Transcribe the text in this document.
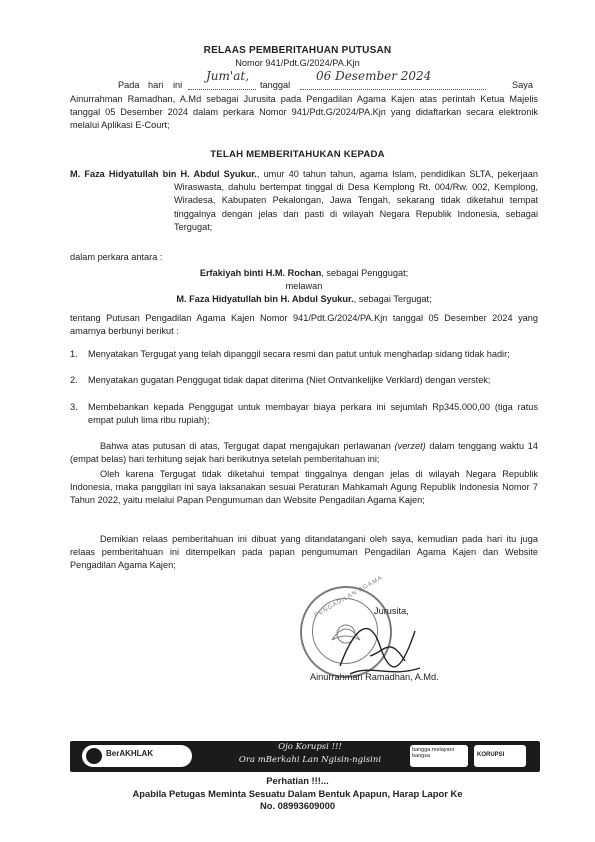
RELAAS PEMBERITAHUAN PUTUSAN
Nomor 941/Pdt.G/2024/PA.Kjn
Pada hari ini
Jum'at,
tanggal
06 Desember 2024
Saya
Ainurrahman Ramadhan, A.Md sebagai Jurusita pada Pengadilan Agama Kajen atas perintah Ketua Majelis tanggal 05 Desember 2024 dalam perkara Nomor 941/Pdt.G/2024/PA.Kjn yang didaftarkan secara elektronik melalui Aplikasi E-Court;
TELAH MEMBERITAHUKAN KEPADA
M. Faza Hidyatullah bin H. Abdul Syukur., umur 40 tahun tahun, agama Islam, pendidikan SLTA, pekerjaan Wiraswasta, dahulu bertempat tinggal di Desa Kemplong Rt. 004/Rw. 002, Kemplong, Wiradesa, Kabupaten Pekalongan, Jawa Tengah, sekarang tidak diketahui tempat tinggalnya dengan jelas dan pasti di wilayah Negara Republik Indonesia, sebagai Tergugat;
dalam perkara antara :
Erfakiyah binti H.M. Rochan, sebagai Penggugat;
melawan
M. Faza Hidyatullah bin H. Abdul Syukur., sebagai Tergugat;
tentang Putusan Pengadilan Agama Kajen Nomor 941/Pdt.G/2024/PA.Kjn tanggal 05 Desember 2024 yang amarnya berbunyi berikut :
1.	Menyatakan Tergugat yang telah dipanggil secara resmi dan patut untuk menghadap sidang tidak hadir;
2.	Menyatakan gugatan Penggugat tidak dapat diterima (Niet Ontvankelijke Verklard) dengan verstek;
3.	Membebankan kepada Penggugat untuk membayar biaya perkara ini sejumlah Rp345.000,00 (tiga ratus empat puluh lima ribu rupiah);
Bahwa atas putusan di atas, Tergugat dapat mengajukan perlawanan (verzet) dalam tenggang waktu 14 (empat belas) hari terhitung sejak hari berikutnya setelah pemberitahuan ini;
Oleh karena Tergugat tidak diketahui tempat tinggalnya dengan jelas di wilayah Negara Republik Indonesia, maka panggilan ini saya laksanakan sesuai Peraturan Mahkamah Agung Republik Indonesia Nomor 7 Tahun 2022, yaitu melalui Papan Pengumuman dan Website Pengadilan Agama Kajen;
Demikian relaas pemberitahuan ini dibuat yang ditandatangani oleh saya, kemudian pada hari itu juga relaas pemberitahuan ini ditempelkan pada papan pengumuman Pengadilan Agama Kajen dan Website Pengadilan Agama Kajen;
PENGADILAN AGAMA
Jurusita,
Ainurrahman Ramadhan, A.Md.
BerAKHLAK
Ojo Korupsi !!!
Ora mBerkahi Lan Ngisin-ngisini
bangga melayani bangsa	KORUPSI
Perhatian !!!...
Apabila Petugas Meminta Sesuatu Dalam Bentuk Apapun, Harap Lapor Ke
No. 08993609000
